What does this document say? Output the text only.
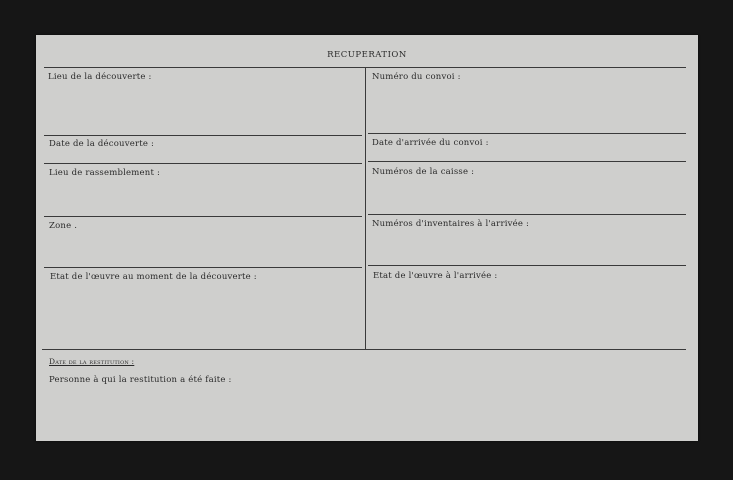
RECUPERATION
Lieu de la découverte :
Date de la découverte :
Lieu de rassemblement :
Zone .
Etat de l'œuvre au moment de la découverte :
Numéro du convoi :
Date d'arrivée du convoi :
Numéros de la caisse :
Numéros d'inventaires à l'arrivée :
Etat de l'œuvre à l'arrivée :
Date de la restitution :
Personne à qui la restitution a été faite :
